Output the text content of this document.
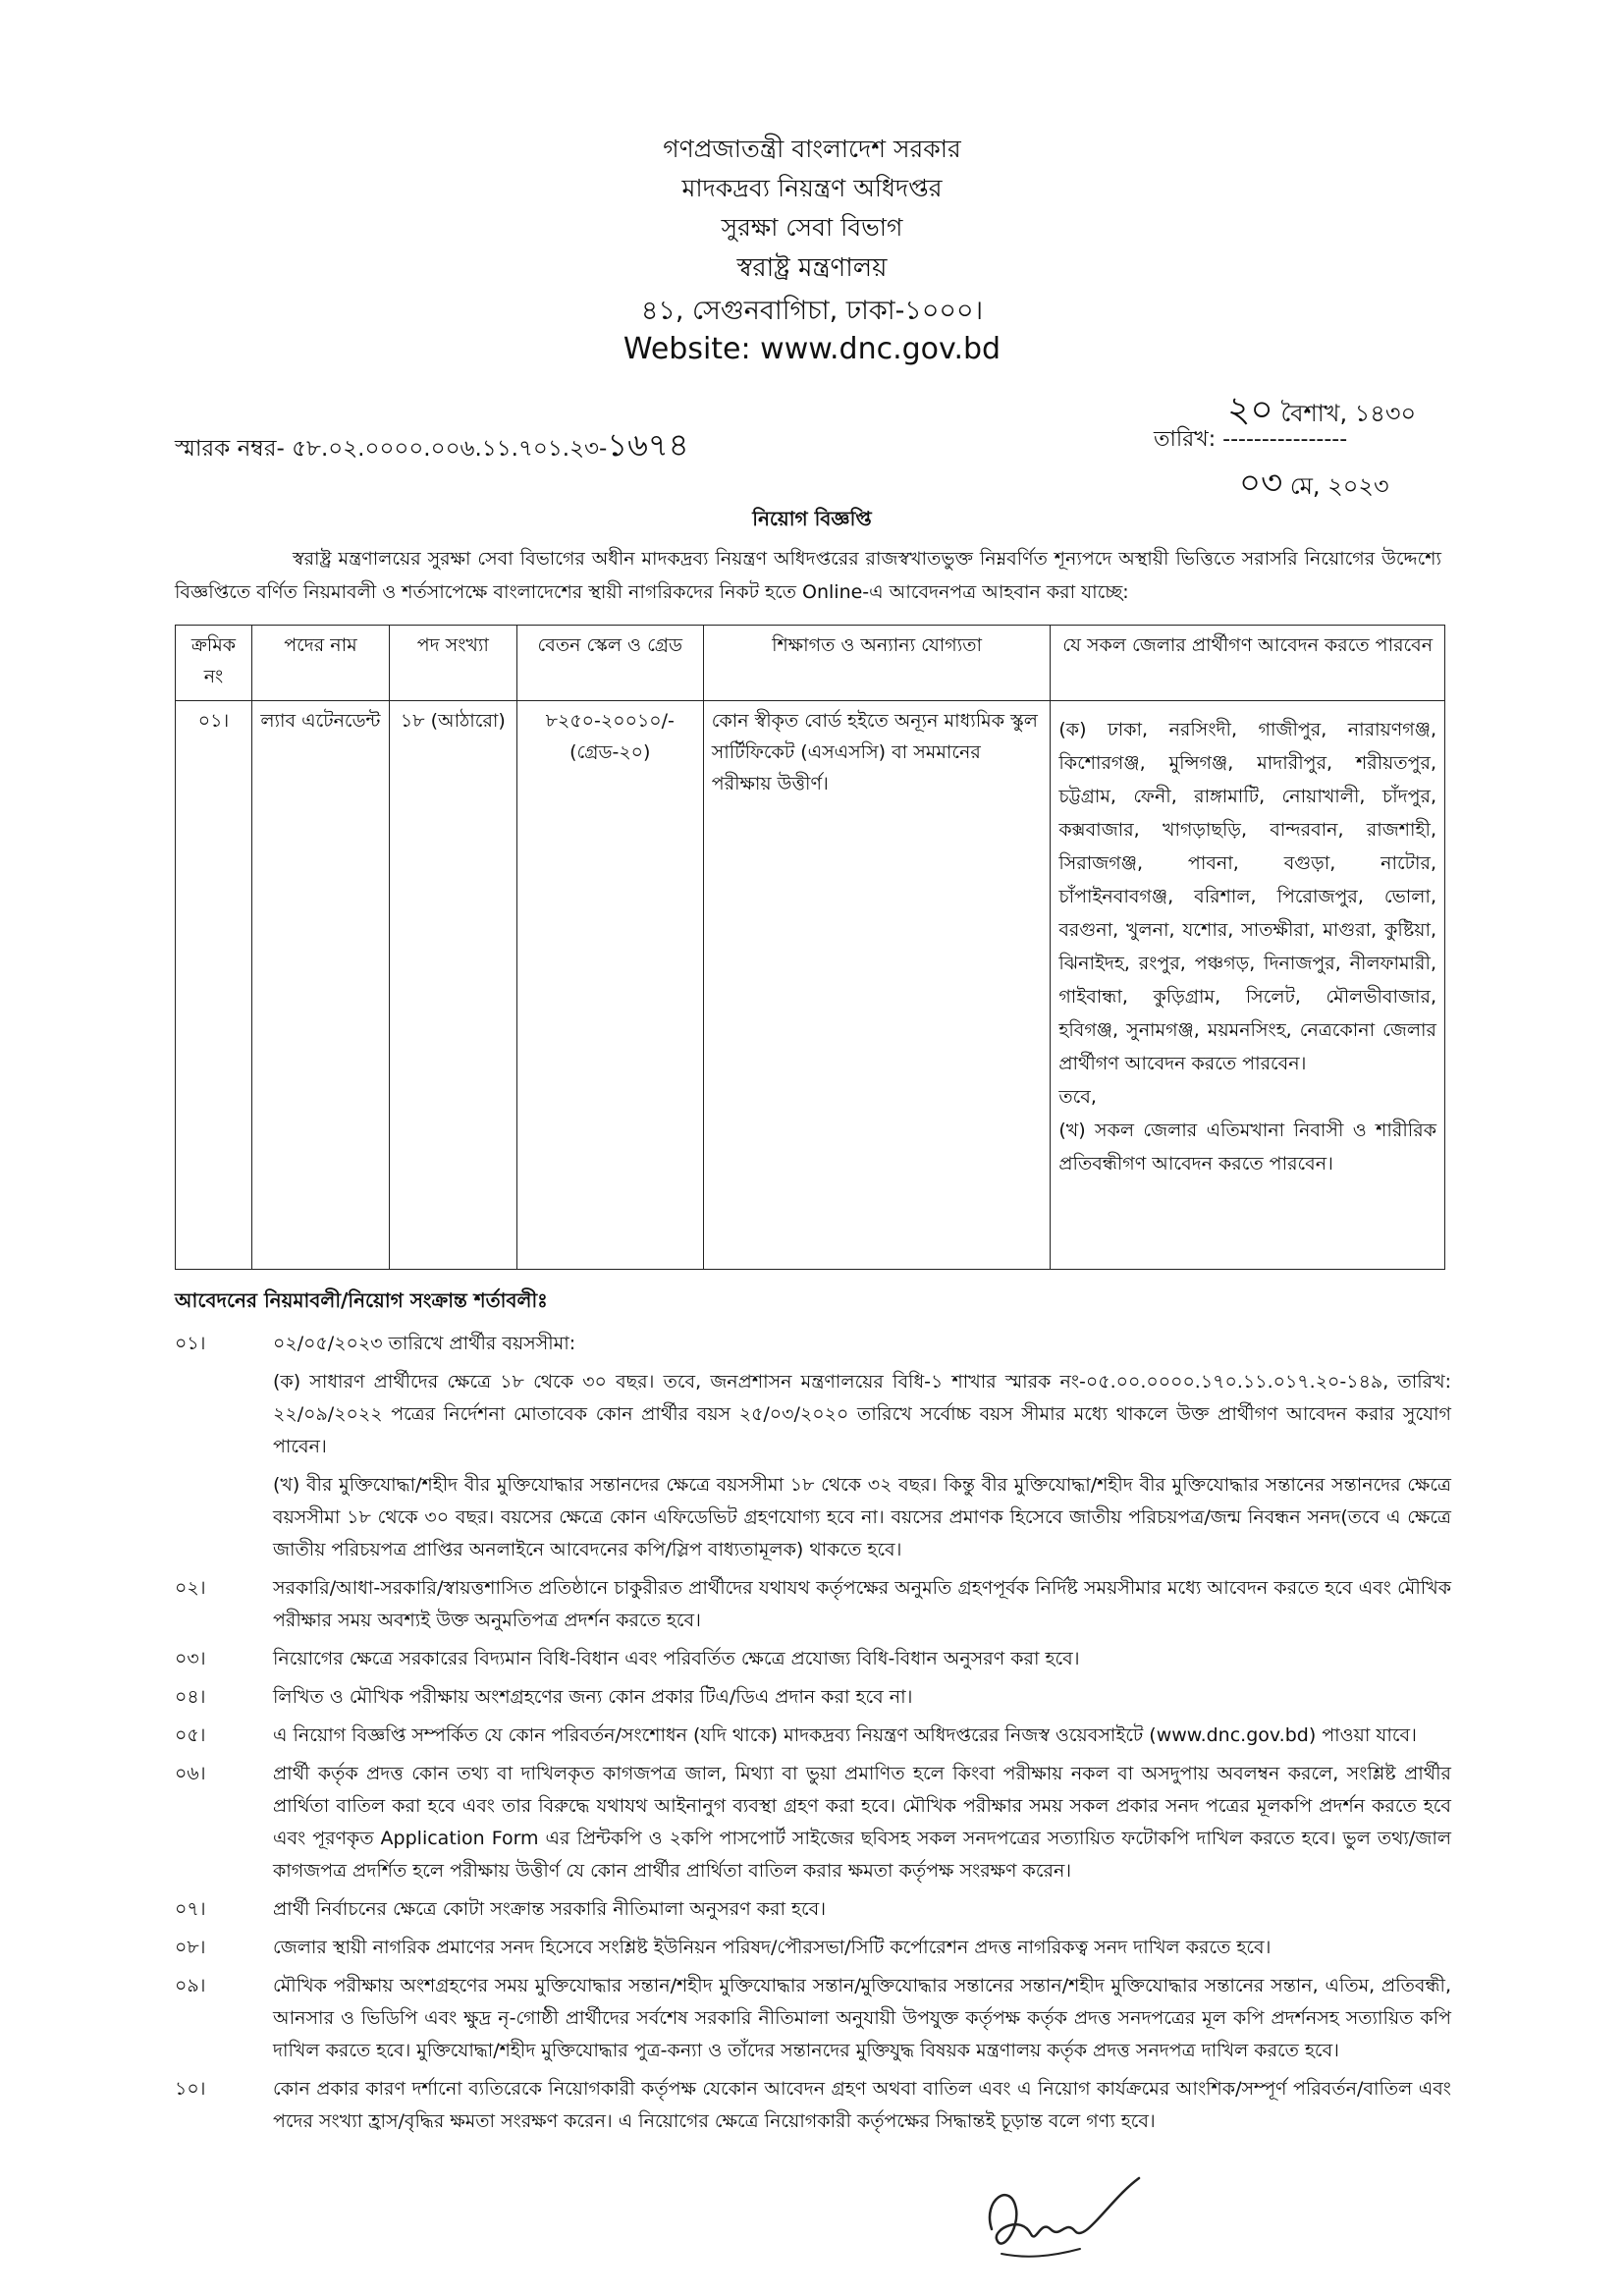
গণপ্রজাতন্ত্রী বাংলাদেশ সরকার
মাদকদ্রব্য নিয়ন্ত্রণ অধিদপ্তর
সুরক্ষা সেবা বিভাগ
স্বরাষ্ট্র মন্ত্রণালয়
৪১, সেগুনবাগিচা, ঢাকা-১০০০।
Website: www.dnc.gov.bd
২০ বৈশাখ, ১৪৩০
স্মারক নম্বর- ৫৮.০২.০০০০.০০৬.১১.৭০১.২৩-১৬৭৪	তারিখ: ----------------
০৩ মে, ২০২৩
নিয়োগ বিজ্ঞপ্তি
স্বরাষ্ট্র মন্ত্রণালয়ের সুরক্ষা সেবা বিভাগের অধীন মাদকদ্রব্য নিয়ন্ত্রণ অধিদপ্তরের রাজস্বখাতভুক্ত নিম্নবর্ণিত শূন্যপদে অস্থায়ী ভিত্তিতে সরাসরি নিয়োগের উদ্দেশ্যে বিজ্ঞপ্তিতে বর্ণিত নিয়মাবলী ও শর্তসাপেক্ষে বাংলাদেশের স্থায়ী নাগরিকদের নিকট হতে Online-এ আবেদনপত্র আহবান করা যাচ্ছে:
ক্রমিক নং	পদের নাম	পদ সংখ্যা	বেতন স্কেল ও গ্রেড	শিক্ষাগত ও অন্যান্য যোগ্যতা	যে সকল জেলার প্রার্থীগণ আবেদন করতে পারবেন
০১।	ল্যাব এটেনডেন্ট	১৮ (আঠারো)	৮২৫০-২০০১০/- (গ্রেড-২০)	কোন স্বীকৃত বোর্ড হইতে অন্যূন মাধ্যমিক স্কুল সার্টিফিকেট (এসএসসি) বা সমমানের পরীক্ষায় উত্তীর্ণ।	(ক) ঢাকা, নরসিংদী, গাজীপুর, নারায়ণগঞ্জ, কিশোরগঞ্জ, মুন্সিগঞ্জ, মাদারীপুর, শরীয়তপুর, চট্টগ্রাম, ফেনী, রাঙ্গামাটি, নোয়াখালী, চাঁদপুর, কক্সবাজার, খাগড়াছড়ি, বান্দরবান, রাজশাহী, সিরাজগঞ্জ, পাবনা, বগুড়া, নাটোর, চাঁপাইনবাবগঞ্জ, বরিশাল, পিরোজপুর, ভোলা, বরগুনা, খুলনা, যশোর, সাতক্ষীরা, মাগুরা, কুষ্টিয়া, ঝিনাইদহ, রংপুর, পঞ্চগড়, দিনাজপুর, নীলফামারী, গাইবান্ধা, কুড়িগ্রাম, সিলেট, মৌলভীবাজার, হবিগঞ্জ, সুনামগঞ্জ, ময়মনসিংহ, নেত্রকোনা জেলার প্রার্থীগণ আবেদন করতে পারবেন।

তবে,

(খ) সকল জেলার এতিমখানা নিবাসী ও শারীরিক প্রতিবন্ধীগণ আবেদন করতে পারবেন।

আবেদনের নিয়মাবলী/নিয়োগ সংক্রান্ত শর্তাবলীঃ
০১।	০২/০৫/২০২৩ তারিখে প্রার্থীর বয়সসীমা:
(ক) সাধারণ প্রার্থীদের ক্ষেত্রে ১৮ থেকে ৩০ বছর। তবে, জনপ্রশাসন মন্ত্রণালয়ের বিধি-১ শাখার স্মারক নং-০৫.০০.০০০০.১৭০.১১.০১৭.২০-১৪৯, তারিখ: ২২/০৯/২০২২ পত্রের নির্দেশনা মোতাবেক কোন প্রার্থীর বয়স ২৫/০৩/২০২০ তারিখে সর্বোচ্চ বয়স সীমার মধ্যে থাকলে উক্ত প্রার্থীগণ আবেদন করার সুযোগ পাবেন।
(খ) বীর মুক্তিযোদ্ধা/শহীদ বীর মুক্তিযোদ্ধার সন্তানদের ক্ষেত্রে বয়সসীমা ১৮ থেকে ৩২ বছর। কিন্তু বীর মুক্তিযোদ্ধা/শহীদ বীর মুক্তিযোদ্ধার সন্তানের সন্তানদের ক্ষেত্রে বয়সসীমা ১৮ থেকে ৩০ বছর। বয়সের ক্ষেত্রে কোন এফিডেভিট গ্রহণযোগ্য হবে না। বয়সের প্রমাণক হিসেবে জাতীয় পরিচয়পত্র/জন্ম নিবন্ধন সনদ(তবে এ ক্ষেত্রে জাতীয় পরিচয়পত্র প্রাপ্তির অনলাইনে আবেদনের কপি/স্লিপ বাধ্যতামূলক) থাকতে হবে।
০২।	সরকারি/আধা-সরকারি/স্বায়ত্তশাসিত প্রতিষ্ঠানে চাকুরীরত প্রার্থীদের যথাযথ কর্তৃপক্ষের অনুমতি গ্রহণপূর্বক নির্দিষ্ট সময়সীমার মধ্যে আবেদন করতে হবে এবং মৌখিক পরীক্ষার সময় অবশ্যই উক্ত অনুমতিপত্র প্রদর্শন করতে হবে।
০৩।	নিয়োগের ক্ষেত্রে সরকারের বিদ্যমান বিধি-বিধান এবং পরিবর্তিত ক্ষেত্রে প্রযোজ্য বিধি-বিধান অনুসরণ করা হবে।
০৪।	লিখিত ও মৌখিক পরীক্ষায় অংশগ্রহণের জন্য কোন প্রকার টিএ/ডিএ প্রদান করা হবে না।
০৫।	এ নিয়োগ বিজ্ঞপ্তি সম্পর্কিত যে কোন পরিবর্তন/সংশোধন (যদি থাকে) মাদকদ্রব্য নিয়ন্ত্রণ অধিদপ্তরের নিজস্ব ওয়েবসাইটে (www.dnc.gov.bd) পাওয়া যাবে।
০৬।	প্রার্থী কর্তৃক প্রদত্ত কোন তথ্য বা দাখিলকৃত কাগজপত্র জাল, মিথ্যা বা ভুয়া প্রমাণিত হলে কিংবা পরীক্ষায় নকল বা অসদুপায় অবলম্বন করলে, সংশ্লিষ্ট প্রার্থীর প্রার্থিতা বাতিল করা হবে এবং তার বিরুদ্ধে যথাযথ আইনানুগ ব্যবস্থা গ্রহণ করা হবে। মৌখিক পরীক্ষার সময় সকল প্রকার সনদ পত্রের মূলকপি প্রদর্শন করতে হবে এবং পূরণকৃত Application Form এর প্রিন্টকপি ও ২কপি পাসপোর্ট সাইজের ছবিসহ সকল সনদপত্রের সত্যায়িত ফটোকপি দাখিল করতে হবে। ভুল তথ্য/জাল কাগজপত্র প্রদর্শিত হলে পরীক্ষায় উত্তীর্ণ যে কোন প্রার্থীর প্রার্থিতা বাতিল করার ক্ষমতা কর্তৃপক্ষ সংরক্ষণ করেন।
০৭।	প্রার্থী নির্বাচনের ক্ষেত্রে কোটা সংক্রান্ত সরকারি নীতিমালা অনুসরণ করা হবে।
০৮।	জেলার স্থায়ী নাগরিক প্রমাণের সনদ হিসেবে সংশ্লিষ্ট ইউনিয়ন পরিষদ/পৌরসভা/সিটি কর্পোরেশন প্রদত্ত নাগরিকত্ব সনদ দাখিল করতে হবে।
০৯।	মৌখিক পরীক্ষায় অংশগ্রহণের সময় মুক্তিযোদ্ধার সন্তান/শহীদ মুক্তিযোদ্ধার সন্তান/মুক্তিযোদ্ধার সন্তানের সন্তান/শহীদ মুক্তিযোদ্ধার সন্তানের সন্তান, এতিম, প্রতিবন্ধী, আনসার ও ভিডিপি এবং ক্ষুদ্র নৃ-গোষ্ঠী প্রার্থীদের সর্বশেষ সরকারি নীতিমালা অনুযায়ী উপযুক্ত কর্তৃপক্ষ কর্তৃক প্রদত্ত সনদপত্রের মূল কপি প্রদর্শনসহ সত্যায়িত কপি দাখিল করতে হবে। মুক্তিযোদ্ধা/শহীদ মুক্তিযোদ্ধার পুত্র-কন্যা ও তাঁদের সন্তানদের মুক্তিযুদ্ধ বিষয়ক মন্ত্রণালয় কর্তৃক প্রদত্ত সনদপত্র দাখিল করতে হবে।
১০।	কোন প্রকার কারণ দর্শানো ব্যতিরেকে নিয়োগকারী কর্তৃপক্ষ যেকোন আবেদন গ্রহণ অথবা বাতিল এবং এ নিয়োগ কার্যক্রমের আংশিক/সম্পূর্ণ পরিবর্তন/বাতিল এবং পদের সংখ্যা হ্রাস/বৃদ্ধির ক্ষমতা সংরক্ষণ করেন। এ নিয়োগের ক্ষেত্রে নিয়োগকারী কর্তৃপক্ষের সিদ্ধান্তই চূড়ান্ত বলে গণ্য হবে।
